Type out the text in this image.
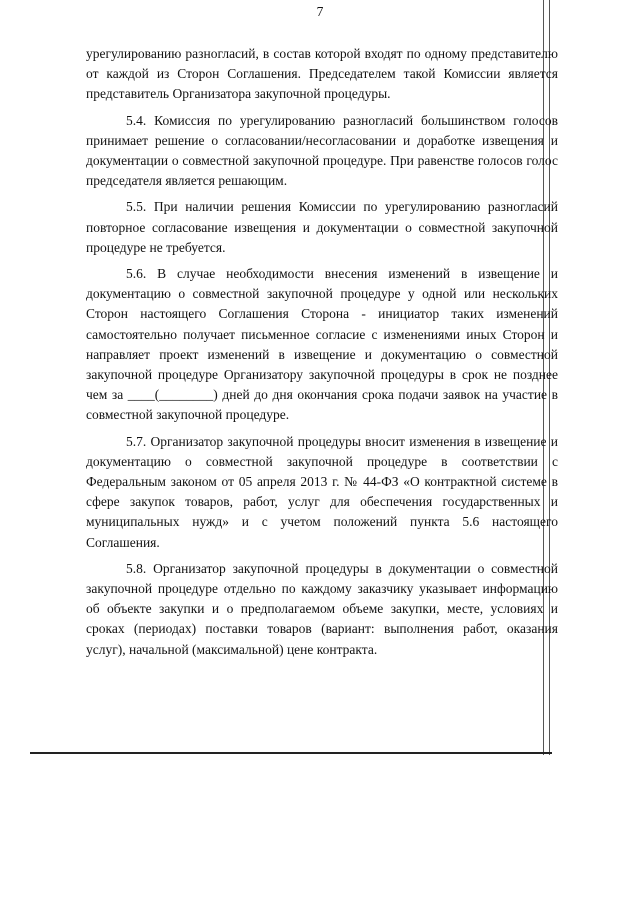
7

урегулированию разногласий, в состав которой входят по одному представителю от каждой из Сторон Соглашения. Председателем такой Комиссии является представитель Организатора закупочной процедуры.

5.4. Комиссия по урегулированию разногласий большинством голосов принимает решение о согласовании/несогласовании и доработке извещения и документации о совместной закупочной процедуре. При равенстве голосов голос председателя является решающим.

5.5. При наличии решения Комиссии по урегулированию разногласий повторное согласование извещения и документации о совместной закупочной процедуре не требуется.

5.6. В случае необходимости внесения изменений в извещение и документацию о совместной закупочной процедуре у одной или нескольких Сторон настоящего Соглашения Сторона - инициатор таких изменений самостоятельно получает письменное согласие с изменениями иных Сторон и направляет проект изменений в извещение и документацию о совместной закупочной процедуре Организатору закупочной процедуры в срок не позднее чем за ____(________) дней до дня окончания срока подачи заявок на участие в совместной закупочной процедуре.

5.7. Организатор закупочной процедуры вносит изменения в извещение и документацию о совместной закупочной процедуре в соответствии с Федеральным законом от 05 апреля 2013 г. № 44-ФЗ «О контрактной системе в сфере закупок товаров, работ, услуг для обеспечения государственных и муниципальных нужд» и с учетом положений пункта 5.6 настоящего Соглашения.

5.8. Организатор закупочной процедуры в документации о совместной закупочной процедуре отдельно по каждому заказчику указывает информацию об объекте закупки и о предполагаемом объеме закупки, месте, условиях и сроках (периодах) поставки товаров (вариант: выполнения работ, оказания услуг), начальной (максимальной) цене контракта.
